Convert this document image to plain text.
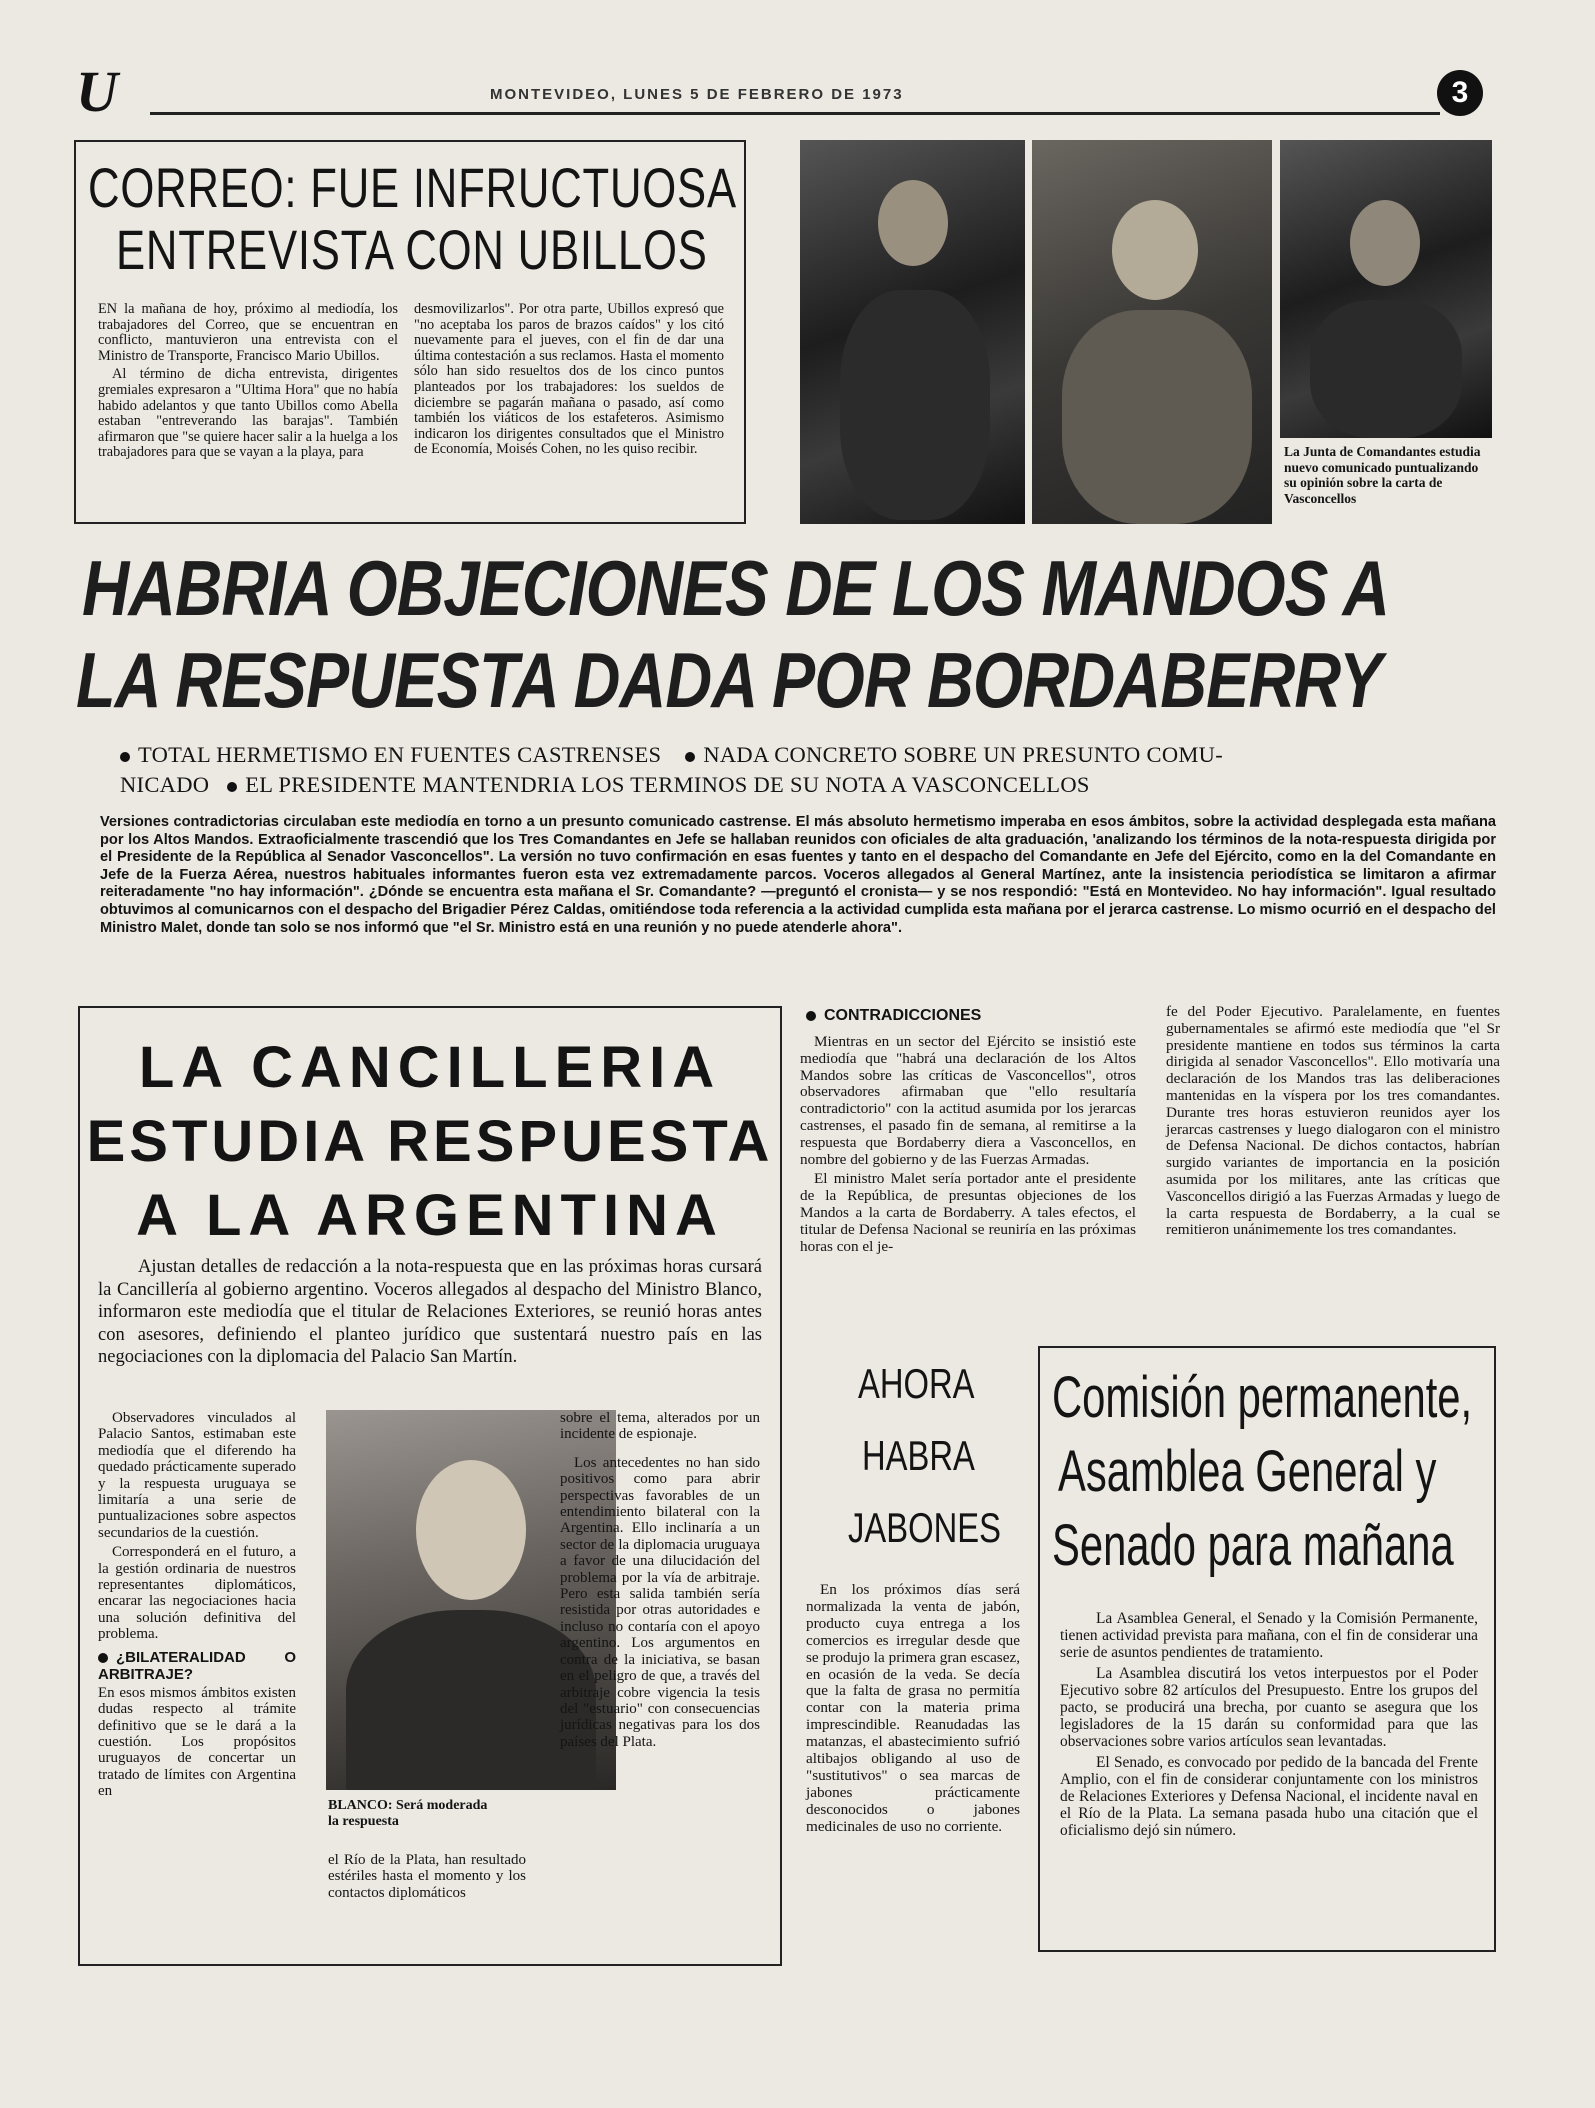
U	MONTEVIDEO, LUNES 5 DE FEBRERO DE 1973	3
CORREO: FUE INFRUCTUOSA
ENTREVISTA CON UBILLOS

EN la mañana de hoy, próximo al mediodía, los trabajadores del Correo, que se encuentran en conflicto, mantuvieron una entrevista con el Ministro de Transporte, Francisco Mario Ubillos.

Al término de dicha entrevista, dirigentes gremiales expresaron a "Ultima Hora" que no había habido adelantos y que tanto Ubillos como Abella estaban "entreverando las barajas". También afirmaron que "se quiere hacer salir a la huelga a los trabajadores para que se vayan a la playa, para

desmovilizarlos". Por otra parte, Ubillos expresó que "no aceptaba los paros de brazos caídos" y los citó nuevamente para el jueves, con el fin de dar una última contestación a sus reclamos. Hasta el momento sólo han sido resueltos dos de los cinco puntos planteados por los trabajadores: los sueldos de diciembre se pagarán mañana o pasado, así como también los viáticos de los estafeteros. Asimismo indicaron los dirigentes consultados que el Ministro de Economía, Moisés Cohen, no les quiso recibir.	La Junta de Comandantes estudia nuevo comunicado puntualizando su opinión sobre la carta de Vasconcellos
HABRIA OBJECIONES DE LOS MANDOS A
LA RESPUESTA DADA POR BORDABERRY
TOTAL HERMETISMO EN FUENTES CASTRENSES NADA CONCRETO SOBRE UN PRESUNTO COMU-
NICADO EL PRESIDENTE MANTENDRIA LOS TERMINOS DE SU NOTA A VASCONCELLOS
Versiones contradictorias circulaban este mediodía en torno a un presunto comunicado castrense. El más absoluto hermetismo imperaba en esos ámbitos, sobre la actividad desplegada esta mañana por los Altos Mandos. Extraoficialmente trascendió que los Tres Comandantes en Jefe se hallaban reunidos con oficiales de alta graduación, 'analizando los términos de la nota-respuesta dirigida por el Presidente de la República al Senador Vasconcellos". La versión no tuvo confirmación en esas fuentes y tanto en el despacho del Comandante en Jefe del Ejército, como en la del Comandante en Jefe de la Fuerza Aérea, nuestros habituales informantes fueron esta vez extremadamente parcos. Voceros allegados al General Martínez, ante la insistencia periodística se limitaron a afirmar reiteradamente "no hay información". ¿Dónde se encuentra esta mañana el Sr. Comandante? —preguntó el cronista— y se nos respondió: "Está en Montevideo. No hay información". Igual resultado obtuvimos al comunicarnos con el despacho del Brigadier Pérez Caldas, omitiéndose toda referencia a la actividad cumplida esta mañana por el jerarca castrense. Lo mismo ocurrió en el despacho del Ministro Malet, donde tan solo se nos informó que "el Sr. Ministro está en una reunión y no puede atenderle ahora".
LA CANCILLERIA
ESTUDIA RESPUESTA
A LA ARGENTINA
Ajustan detalles de redacción a la nota-respuesta que en las próximas horas cursará la Cancillería al gobierno argentino. Voceros allegados al despacho del Ministro Blanco, informaron este mediodía que el titular de Relaciones Exteriores, se reunió horas antes con asesores, definiendo el planteo jurídico que sustentará nuestro país en las negociaciones con la diplomacia del Palacio San Martín.

Observadores vinculados al Palacio Santos, estimaban este mediodía que el diferendo ha quedado prácticamente superado y la respuesta uruguaya se limitaría a una serie de puntualizaciones sobre aspectos secundarios de la cuestión.

Corresponderá en el futuro, a la gestión ordinaria de nuestros representantes diplomáticos, encarar las negociaciones hacia una solución definitiva del problema.

¿BILATERALIDAD O ARBITRAJE?

En esos mismos ámbitos existen dudas respecto al trámite definitivo que se le dará a la cuestión. Los propósitos uruguayos de concertar un tratado de límites con Argentina en

BLANCO: Será moderada la respuesta

el Río de la Plata, han resultado estériles hasta el momento y los contactos diplomáticos

sobre el tema, alterados por un incidente de espionaje.

Los antecedentes no han sido positivos como para abrir perspectivas favorables de un entendimiento bilateral con la Argentina. Ello inclinaría a un sector de la diplomacia uruguaya a favor de una dilucidación del problema por la vía de arbitraje. Pero esta salida también sería resistida por otras autoridades e incluso no contaría con el apoyo argentino. Los argumentos en contra de la iniciativa, se basan en el peligro de que, a través del arbitraje cobre vigencia la tesis del "estuario" con consecuencias jurídicas negativas para los dos países del Plata.

CONTRADICCIONES

Mientras en un sector del Ejército se insistió este mediodía que "habrá una declaración de los Altos Mandos sobre las críticas de Vasconcellos", otros observadores afirmaban que "ello resultaría contradictorio" con la actitud asumida por los jerarcas castrenses, el pasado fin de semana, al remitirse a la respuesta que Bordaberry diera a Vasconcellos, en nombre del gobierno y de las Fuerzas Armadas.

El ministro Malet sería portador ante el presidente de la República, de presuntas objeciones de los Mandos a la carta de Bordaberry. A tales efectos, el titular de Defensa Nacional se reuniría en las próximas horas con el je-

fe del Poder Ejecutivo. Paralelamente, en fuentes gubernamentales se afirmó este mediodía que "el Sr presidente mantiene en todos sus términos la carta dirigida al senador Vasconcellos". Ello motivaría una declaración de los Mandos tras las deliberaciones mantenidas en la víspera por los tres comandantes. Durante tres horas estuvieron reunidos ayer los jerarcas castrenses y luego dialogaron con el ministro de Defensa Nacional. De dichos contactos, habrían surgido variantes de importancia en la posición asumida por los militares, ante las críticas que Vasconcellos dirigió a las Fuerzas Armadas y luego de la carta respuesta de Bordaberry, a la cual se remitieron unánimemente los tres comandantes.

AHORA
HABRA
JABONES

En los próximos días será normalizada la venta de jabón, producto cuya entrega a los comercios es irregular desde que se produjo la primera gran escasez, en ocasión de la veda. Se decía que la falta de grasa no permitía contar con la materia prima imprescindible. Reanudadas las matanzas, el abastecimiento sufrió altibajos obligando al uso de "sustitutivos" o sea marcas de jabones prácticamente desconocidos o jabones medicinales de uso no corriente.

Comisión permanente,
Asamblea General y
Senado para mañana

La Asamblea General, el Senado y la Comisión Permanente, tienen actividad prevista para mañana, con el fin de considerar una serie de asuntos pendientes de tratamiento.

La Asamblea discutirá los vetos interpuestos por el Poder Ejecutivo sobre 82 artículos del Presupuesto. Entre los grupos del pacto, se producirá una brecha, por cuanto se asegura que los legisladores de la 15 darán su conformidad para que las observaciones sobre varios artículos sean levantadas.

El Senado, es convocado por pedido de la bancada del Frente Amplio, con el fin de considerar conjuntamente con los ministros de Relaciones Exteriores y Defensa Nacional, el incidente naval en el Río de la Plata. La semana pasada hubo una citación que el oficialismo dejó sin número.
